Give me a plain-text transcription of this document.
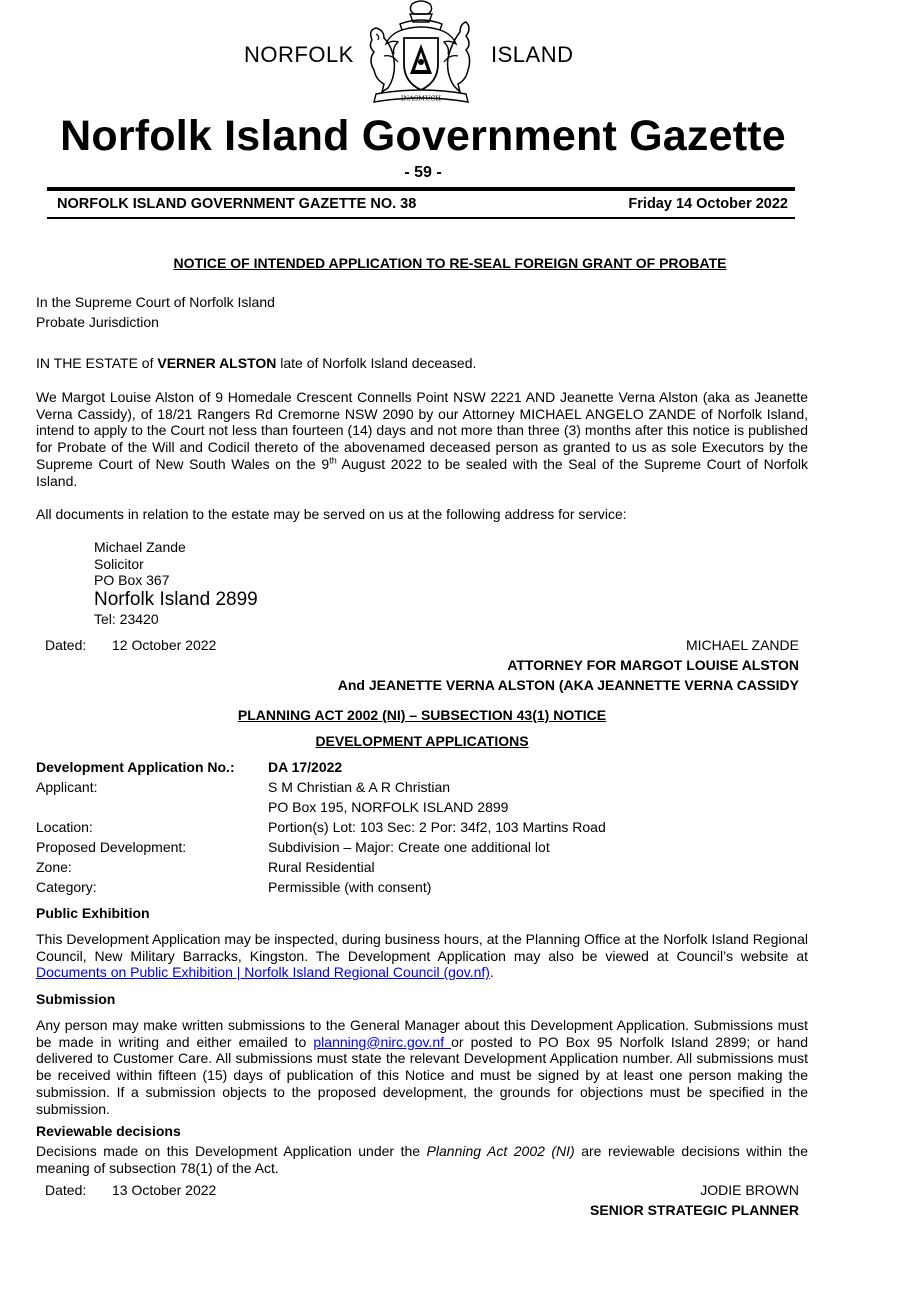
NORFOLK	ISLAND
INASMUCH
Norfolk Island Government Gazette
- 59 -
NORFOLK ISLAND GOVERNMENT GAZETTE NO. 38	Friday 14 October 2022
NOTICE OF INTENDED APPLICATION TO RE-SEAL FOREIGN GRANT OF PROBATE
In the Supreme Court of Norfolk Island
Probate Jurisdiction
IN THE ESTATE of VERNER ALSTON late of Norfolk Island deceased.
We Margot Louise Alston of 9 Homedale Crescent Connells Point NSW 2221 AND Jeanette Verna Alston (aka as Jeanette Verna Cassidy), of 18/21 Rangers Rd Cremorne NSW 2090 by our Attorney MICHAEL ANGELO ZANDE of Norfolk Island, intend to apply to the Court not less than fourteen (14) days and not more than three (3) months after this notice is published for Probate of the Will and Codicil thereto of the abovenamed deceased person as granted to us as sole Executors by the Supreme Court of New South Wales on the 9th August 2022 to be sealed with the Seal of the Supreme Court of Norfolk Island.
All documents in relation to the estate may be served on us at the following address for service:
Michael Zande
Solicitor
PO Box 367
Norfolk Island 2899
Tel: 23420
Dated: 12 October 2022	MICHAEL ZANDE
ATTORNEY FOR MARGOT LOUISE ALSTON
And JEANETTE VERNA ALSTON (AKA JEANNETTE VERNA CASSIDY
PLANNING ACT 2002 (NI) – SUBSECTION 43(1) NOTICE
DEVELOPMENT APPLICATIONS
Development Application No.: DA 17/2022
Applicant:	S M Christian & A R Christian
PO Box 195, NORFOLK ISLAND 2899
Location:	Portion(s) Lot: 103 Sec: 2 Por: 34f2, 103 Martins Road
Proposed Development:	Subdivision – Major: Create one additional lot
Zone:	Rural Residential
Category:	Permissible (with consent)
Public Exhibition
This Development Application may be inspected, during business hours, at the Planning Office at the Norfolk Island Regional Council, New Military Barracks, Kingston. The Development Application may also be viewed at Council’s website at Documents on Public Exhibition | Norfolk Island Regional Council (gov.nf).
Submission
Any person may make written submissions to the General Manager about this Development Application. Submissions must be made in writing and either emailed to planning@nirc.gov.nf or posted to PO Box 95 Norfolk Island 2899; or hand delivered to Customer Care. All submissions must state the relevant Development Application number. All submissions must be received within fifteen (15) days of publication of this Notice and must be signed by at least one person making the submission. If a submission objects to the proposed development, the grounds for objections must be specified in the submission.
Reviewable decisions
Decisions made on this Development Application under the Planning Act 2002 (NI) are reviewable decisions within the meaning of subsection 78(1) of the Act.
Dated: 13 October 2022	JODIE BROWN
SENIOR STRATEGIC PLANNER
